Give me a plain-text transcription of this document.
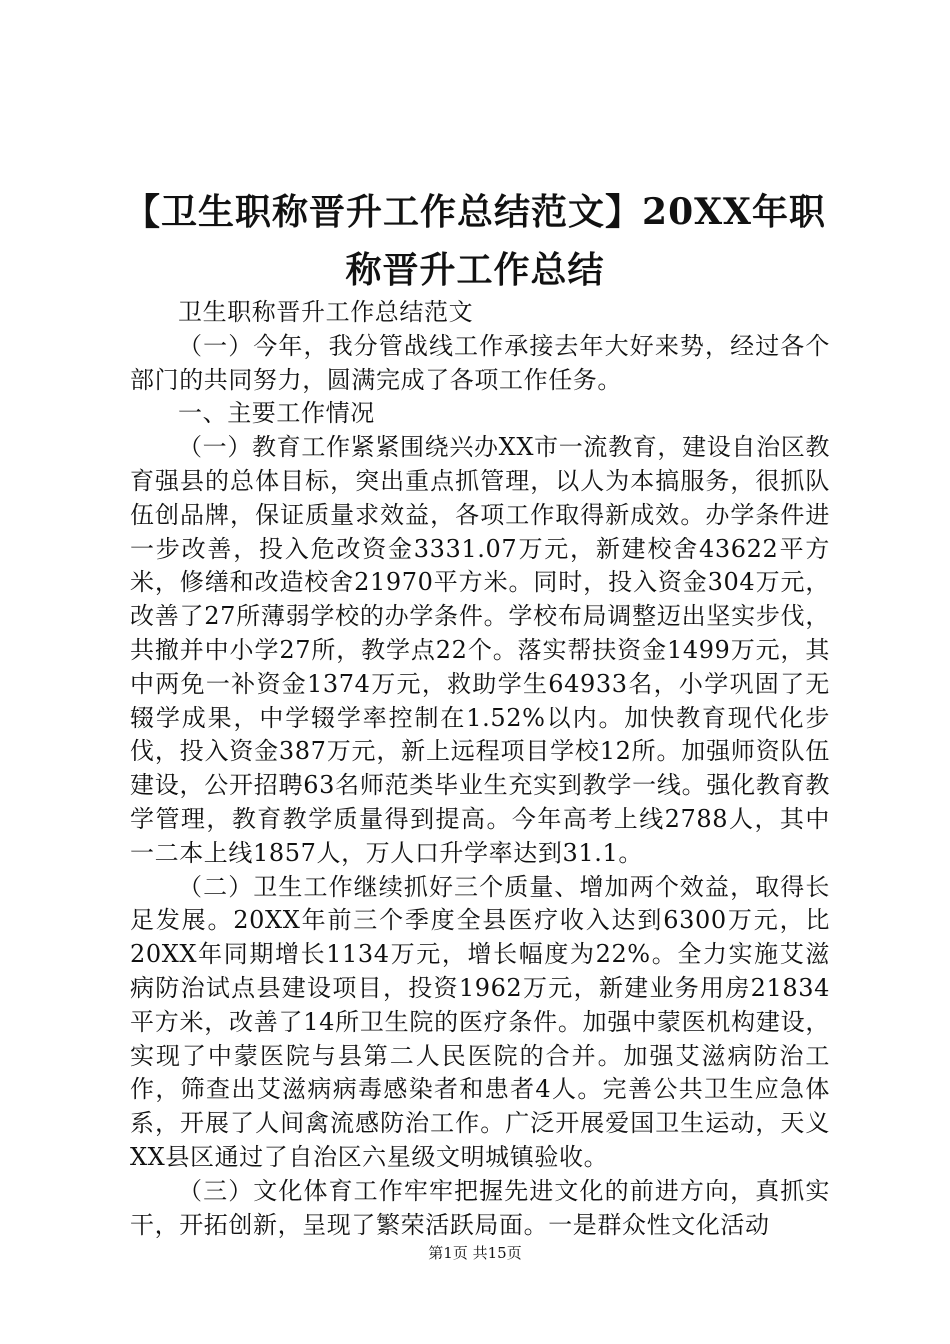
【卫生职称晋升工作总结范文】20XX年职称晋升工作总结

卫生职称晋升工作总结范文

（一）今年，我分管战线工作承接去年大好来势，经过各个部门的共同努力，圆满完成了各项工作任务。

一、主要工作情况

（一）教育工作紧紧围绕兴办XX市一流教育，建设自治区教育强县的总体目标，突出重点抓管理，以人为本搞服务，很抓队伍创品牌，保证质量求效益，各项工作取得新成效。办学条件进一步改善，投入危改资金3331.07万元，新建校舍43622平方米，修缮和改造校舍21970平方米。同时，投入资金304万元，改善了27所薄弱学校的办学条件。学校布局调整迈出坚实步伐，共撤并中小学27所，教学点22个。落实帮扶资金1499万元，其中两免一补资金1374万元，救助学生64933名，小学巩固了无辍学成果，中学辍学率控制在1.52%以内。加快教育现代化步伐，投入资金387万元，新上远程项目学校12所。加强师资队伍建设，公开招聘63名师范类毕业生充实到教学一线。强化教育教学管理，教育教学质量得到提高。今年高考上线2788人，其中一二本上线1857人，万人口升学率达到31.1。

（二）卫生工作继续抓好三个质量、增加两个效益，取得长足发展。20XX年前三个季度全县医疗收入达到6300万元，比20XX年同期增长1134万元，增长幅度为22%。全力实施艾滋病防治试点县建设项目，投资1962万元，新建业务用房21834平方米，改善了14所卫生院的医疗条件。加强中蒙医机构建设，实现了中蒙医院与县第二人民医院的合并。加强艾滋病防治工作，筛查出艾滋病病毒感染者和患者4人。完善公共卫生应急体系，开展了人间禽流感防治工作。广泛开展爱国卫生运动，天义XX县区通过了自治区六星级文明城镇验收。

（三）文化体育工作牢牢把握先进文化的前进方向，真抓实干，开拓创新，呈现了繁荣活跃局面。一是群众性文化活动

第1页 共15页
